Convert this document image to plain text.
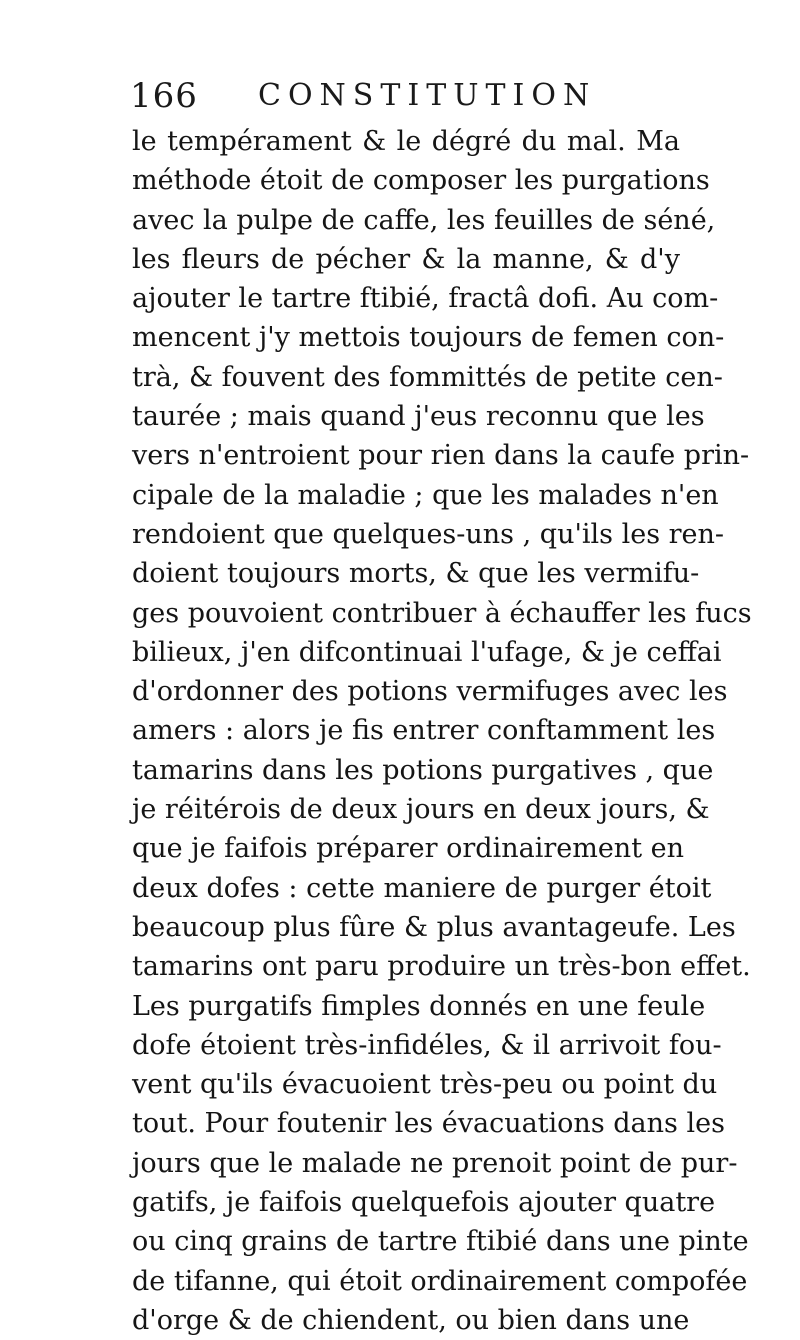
166 CONSTITUTION
le tempérament & le dégré du mal. Ma
méthode étoit de composer les purgations
avec la pulpe de caffe, les feuilles de séné,
les fleurs de pécher & la manne, & d'y
ajouter le tartre ftibié, fractâ dofi. Au com-
mencent j'y mettois toujours de femen con-
trà, & fouvent des fommittés de petite cen-
taurée ; mais quand j'eus reconnu que les
vers n'entroient pour rien dans la caufe prin-
cipale de la maladie ; que les malades n'en
rendoient que quelques-uns , qu'ils les ren-
doient toujours morts, & que les vermifu-
ges pouvoient contribuer à échauffer les fucs
bilieux, j'en difcontinuai l'ufage, & je ceffai
d'ordonner des potions vermifuges avec les
amers : alors je fis entrer conftamment les
tamarins dans les potions purgatives , que
je réitérois de deux jours en deux jours, &
que je faifois préparer ordinairement en
deux dofes : cette maniere de purger étoit
beaucoup plus fûre & plus avantageufe. Les
tamarins ont paru produire un très-bon effet.
Les purgatifs fimples donnés en une feule
dofe étoient très-infidéles, & il arrivoit fou-
vent qu'ils évacuoient très-peu ou point du
tout. Pour foutenir les évacuations dans les
jours que le malade ne prenoit point de pur-
gatifs, je faifois quelquefois ajouter quatre
ou cinq grains de tartre ftibié dans une pinte
de tifanne, qui étoit ordinairement compofée
d'orge & de chiendent, ou bien dans une
